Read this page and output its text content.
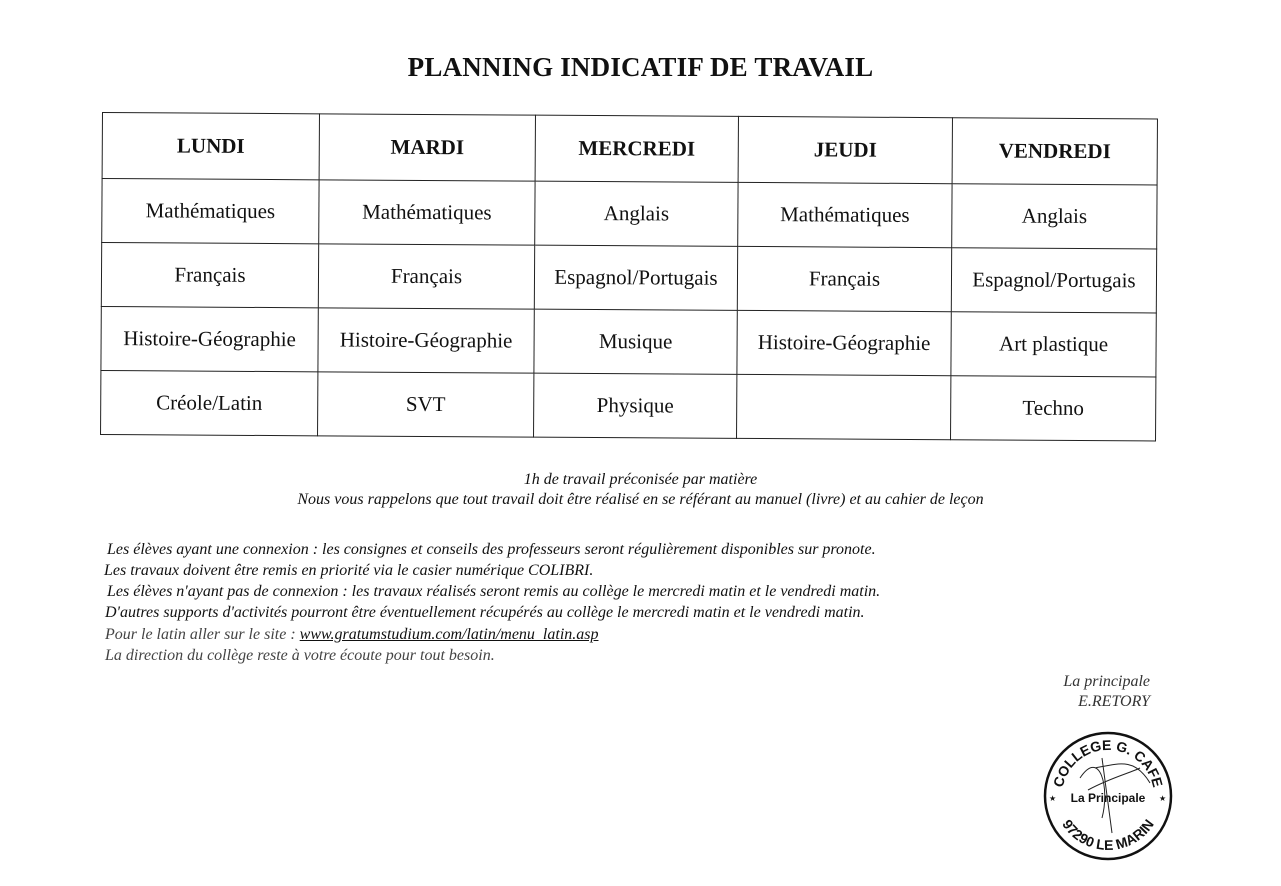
PLANNING INDICATIF DE TRAVAIL
LUNDI	MARDI	MERCREDI	JEUDI	VENDREDI
Mathématiques	Mathématiques	Anglais	Mathématiques	Anglais
Français	Français	Espagnol/Portugais	Français	Espagnol/Portugais
Histoire-Géographie	Histoire-Géographie	Musique	Histoire-Géographie	Art plastique
Créole/Latin	SVT	Physique		Techno
1h de travail préconisée par matière
Nous vous rappelons que tout travail doit être réalisé en se référant au manuel (livre) et au cahier de leçon
Les élèves ayant une connexion : les consignes et conseils des professeurs seront régulièrement disponibles sur pronote.
Les travaux doivent être remis en priorité via le casier numérique COLIBRI.
Les élèves n'ayant pas de connexion : les travaux réalisés seront remis au collège le mercredi matin et le vendredi matin.
D'autres supports d'activités pourront être éventuellement récupérés au collège le mercredi matin et le vendredi matin.
Pour le latin aller sur le site : www.gratumstudium.com/latin/menu_latin.asp
La direction du collège reste à votre écoute pour tout besoin.
La principale
E.RETORY
COLLEGE G. CAFE
97290 LE MARIN
La Principale
★	★
